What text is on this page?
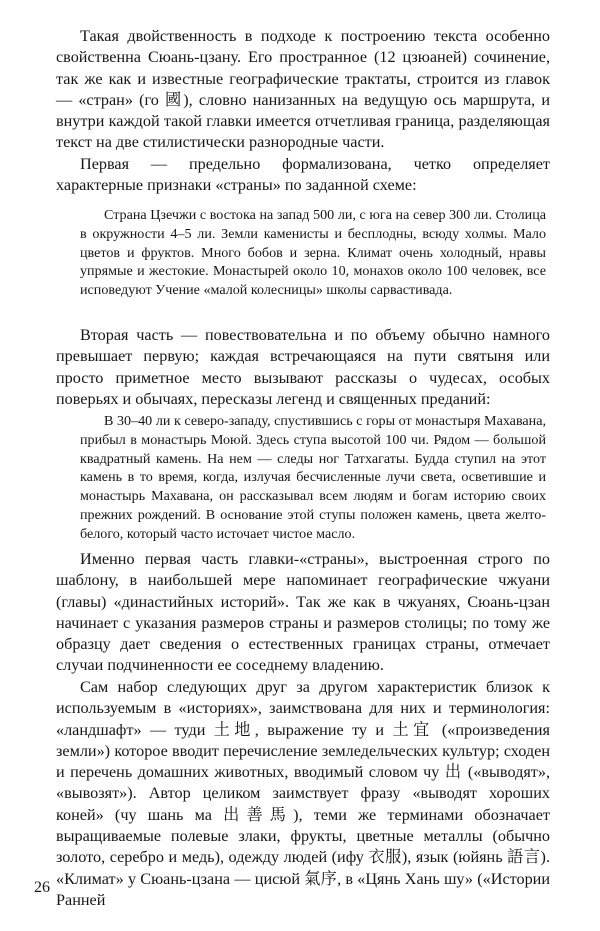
Такая двойственность в подходе к построению текста особенно свойственна Сюань-цзану. Его пространное (12 цзюаней) сочинение, так же как и известные географические трактаты, строится из главок — «стран» (го 國), словно нанизанных на ведущую ось маршрута, и внутри каждой такой главки имеется отчетливая граница, разделяющая текст на две стилистически разнородные части.
Первая — предельно формализована, четко определяет характерные признаки «страны» по заданной схеме:
Страна Цзечжи с востока на запад 500 ли, с юга на север 300 ли. Столица в окружности 4–5 ли. Земли каменисты и бесплодны, всюду холмы. Мало цветов и фруктов. Много бобов и зерна. Климат очень холодный, нравы упрямые и жестокие. Монастырей около 10, монахов около 100 человек, все исповедуют Учение «малой колесницы» школы сарвастивада.
Вторая часть — повествовательна и по объему обычно намного превышает первую; каждая встречающаяся на пути святыня или просто приметное место вызывают рассказы о чудесах, особых поверьях и обычаях, пересказы легенд и священных преданий:
В 30–40 ли к северо-западу, спустившись с горы от монастыря Махавана, прибыл в монастырь Моюй. Здесь ступа высотой 100 чи. Рядом — большой квадратный камень. На нем — следы ног Татхагаты. Будда ступил на этот камень в то время, когда, излучая бесчисленные лучи света, осветившие и монастырь Махавана, он рассказывал всем людям и богам историю своих прежних рождений. В основание этой ступы положен камень, цвета желто-белого, который часто источает чистое масло.
Именно первая часть главки-«страны», выстроенная строго по шаблону, в наибольшей мере напоминает географические чжуани (главы) «династийных историй». Так же как в чжуанях, Сюань-цзан начинает с указания размеров страны и размеров столицы; по тому же образцу дает сведения о естественных границах страны, отмечает случаи подчиненности ее соседнему владению.
Сам набор следующих друг за другом характеристик близок к используемым в «историях», заимствована для них и терминология: «ландшафт» — туди 土地, выражение ту и 土宜 («произведения земли») которое вводит перечисление земледельческих культур; сходен и перечень домашних животных, вводимый словом чу 出 («выводят», «вывозят»). Автор целиком заимствует фразу «выводят хороших коней» (чу шань ма 出善馬), теми же терминами обозначает выращиваемые полевые злаки, фрукты, цветные металлы (обычно золото, серебро и медь), одежду людей (ифу 衣服), язык (юйянь 語言). «Климат» у Сюань-цзана — цисюй 氣序, в «Цянь Хань шу» («Истории Ранней
26
